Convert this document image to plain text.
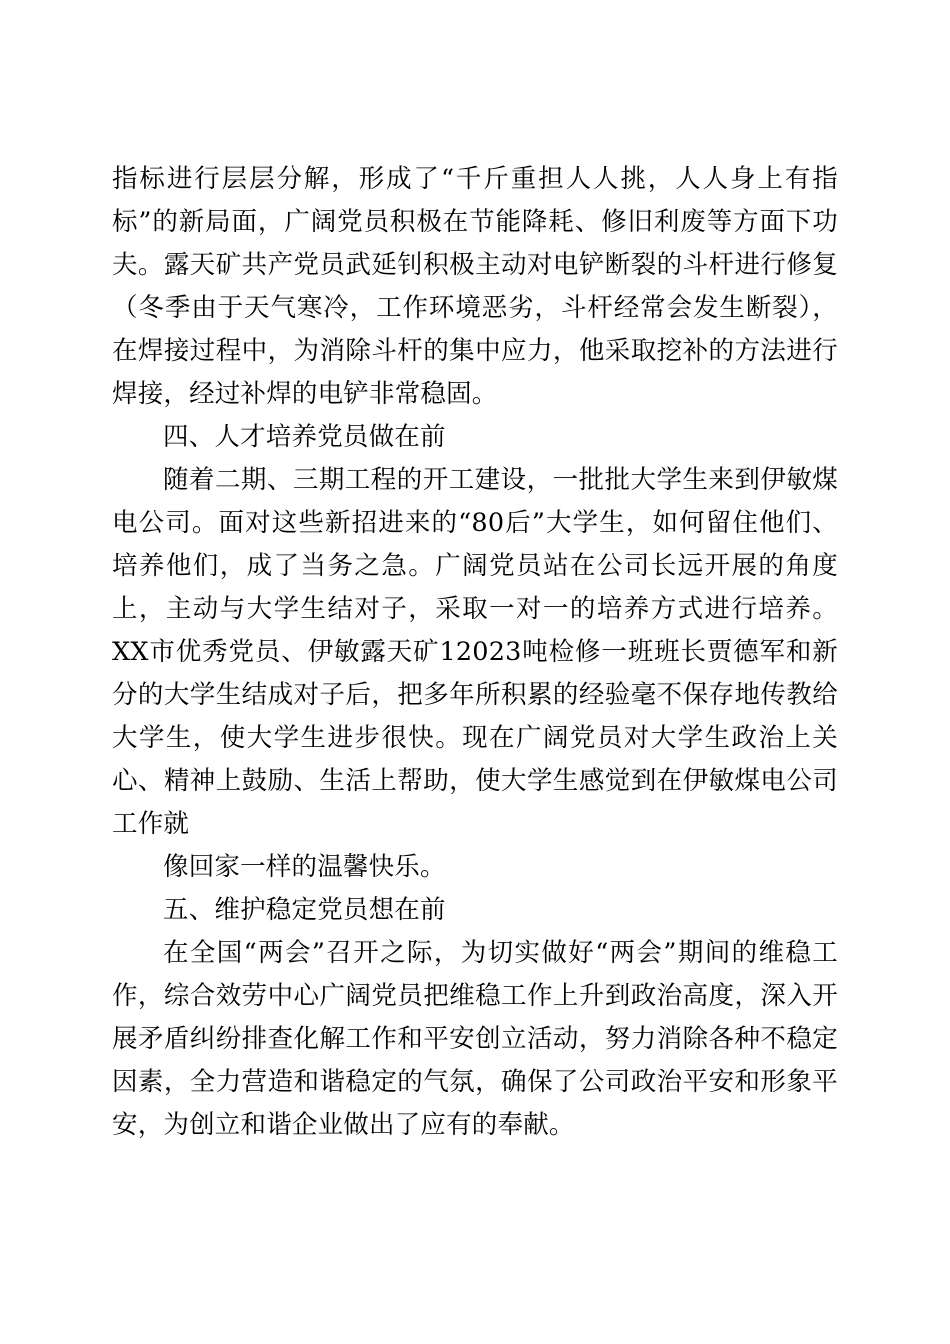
指标进行层层分解，形成了“千斤重担人人挑，人人身上有指标”的新局面，广阔党员积极在节能降耗、修旧利废等方面下功夫。露天矿共产党员武延钊积极主动对电铲断裂的斗杆进行修复（冬季由于天气寒冷，工作环境恶劣，斗杆经常会发生断裂），在焊接过程中，为消除斗杆的集中应力，他采取挖补的方法进行焊接，经过补焊的电铲非常稳固。

四、人才培养党员做在前

随着二期、三期工程的开工建设，一批批大学生来到伊敏煤电公司。面对这些新招进来的“80后”大学生，如何留住他们、培养他们，成了当务之急。广阔党员站在公司长远开展的角度上，主动与大学生结对子，采取一对一的培养方式进行培养。XX市优秀党员、伊敏露天矿12023吨检修一班班长贾德军和新分的大学生结成对子后，把多年所积累的经验毫不保存地传教给大学生，使大学生进步很快。现在广阔党员对大学生政治上关心、精神上鼓励、生活上帮助，使大学生感觉到在伊敏煤电公司工作就

像回家一样的温馨快乐。

五、维护稳定党员想在前

在全国“两会”召开之际，为切实做好“两会”期间的维稳工作，综合效劳中心广阔党员把维稳工作上升到政治高度，深入开展矛盾纠纷排查化解工作和平安创立活动，努力消除各种不稳定因素，全力营造和谐稳定的气氛，确保了公司政治平安和形象平安，为创立和谐企业做出了应有的奉献。
